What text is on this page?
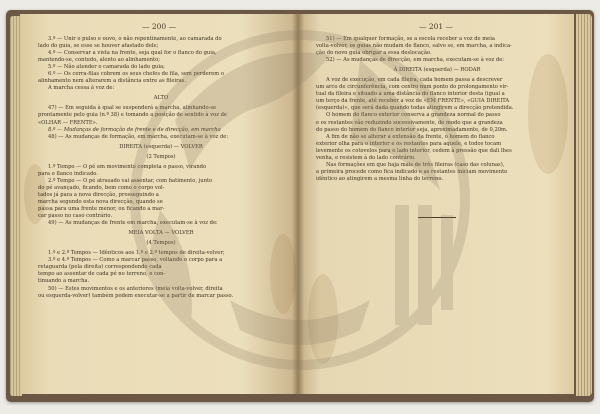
— 200 —

3.º — Unir o pulso e ouvo, o não repentinamente, ao camarada do

lado do guia, se esse se houver afastado dele;

4.º — Conservar a vista na frente, seja qual for o flanco do guia,

mantendo-se, contudo, alento ao alinhamento;

5.º — Não atender o camarada do lado guia;

6.º — Os cerra-filas cobrem os seus chefes de fila, sem perderem o

alinhamento nem alterarem a distância entre as fileiras.

A marcha cessa à voz de:

ALTO

47) — Em seguida à qual se suspenderá a marcha, alinhando-se

prontamente pelo guia (n.º 38) e tomando a posição de sentido à voz de

«OLHAR — FRENTE».

8.º — Mudanças de formação de frente e de direcção, em marcha

48) — As mudanças de formação, em marcha, executam-se à voz de:

DIREITA (esquerda) — VOLVER

(2 Tempos)

1.º Tempo — O pé em movimento completa o passo, virando

para o flanco indicado.

2.º Tempo — O pé atrasado vai assentar, com batimento, junto

do pé avançado, ficando, bem como o corpo vol-

tados já para a nova direcção, prosseguindo a

marcha segundo esta nova direcção, quando se

passa para uma frente menor, ou ficando a mar-

car passo no caso contrário.

49) — As mudanças de frente em marcha, executam-se à voz de:

MEIA VOLTA — VOLVER

(4 Tempos)

1.º e 2.º Tempos — Idênticos aos 1.º e 2.º tempos de direita-volver;

3.º e 4.º Tempos — Como a marcar passo, voltando o corpo para a

retaguarda (pela direita) correspondendo cada

tempo ao assentar de cada pé no terreno, e con-

tinuando a marcha.

50) — Estes movimentos e os anteriores (meia volta-volver, direita

ou esquerda-volver) também podem executar-se a partir de marcar passo.

— 201 —

51) — Em qualquer formação, se a escola receber a voz de meia

volta-volver, os guias não mudam de flanco, salvo se, em marcha, a indica-

ção do novo guia obrigar a essa deslocação.

52) — As mudanças de direcção, em marcha, executam-se à voz de:

À DIREITA (esquerda) — RODAR

A voz de execução, em cada fileira, cada homem passa a descrever

um arco de circunferência, com centro num ponto do prolongamento vir-

tual da fileira e situado a uma distância do flanco interior desta (igual a

um terço da frente, até receber a voz de «EM FRENTE», «GUIA DIREITA

(esquerda)», que será dada quando todas atingirem a direcção pretendida.

O homem do flanco exterior conserva a grandeza normal do passo

e os restantes vão reduzindo sucessivamente, de modo que a grandeza

do passo do homem do flanco interior seja, aproximadamente, de 0,20m.

A fim de não se alterar a extensão da frente, o homem do flanco

exterior olha para o interior e os restantes para aquele, e todos tocam

levemente os cotovelos para o lado interior, cedem à pressão que dali lhes

venha, e resistem à do lado contrário.

Nas formações em que haja mais de três fileiras (caso das colunas),

a primeira procede como fica indicado e as restantes iniciam movimento

idêntico ao atingirem a mesma linha do terreno.
